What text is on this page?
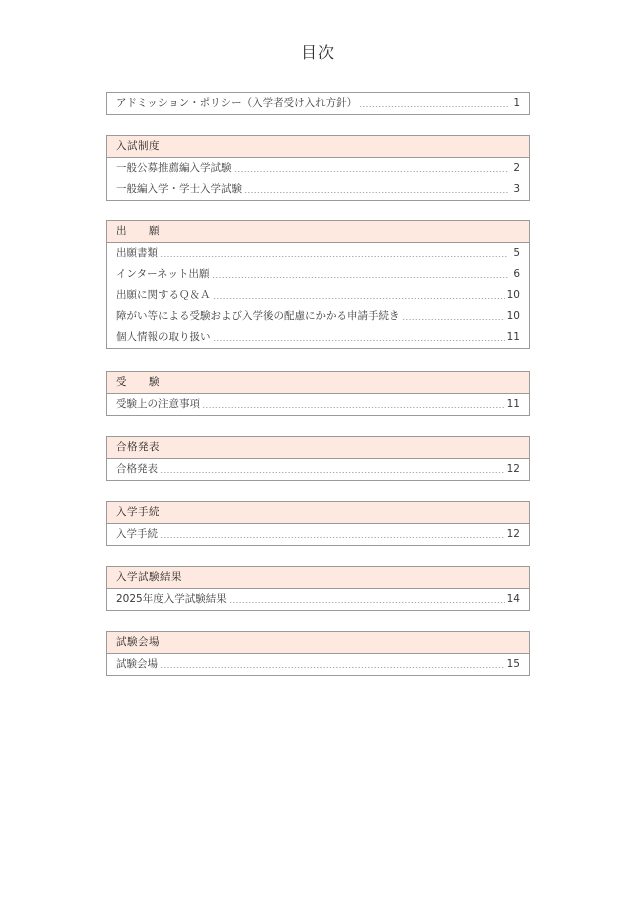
目次
アドミッション・ポリシー（入学者受け入れ方針）	1
入試制度
一般公募推薦編入学試験	2
一般編入学・学士入学試験	3
出　　願
出願書類	5
インターネット出願	6
出願に関するＱ＆Ａ	10
障がい等による受験および入学後の配慮にかかる申請手続き	10
個人情報の取り扱い	11
受　　験
受験上の注意事項	11
合格発表
合格発表	12
入学手続
入学手続	12
入学試験結果
2025年度入学試験結果	14
試験会場
試験会場	15
